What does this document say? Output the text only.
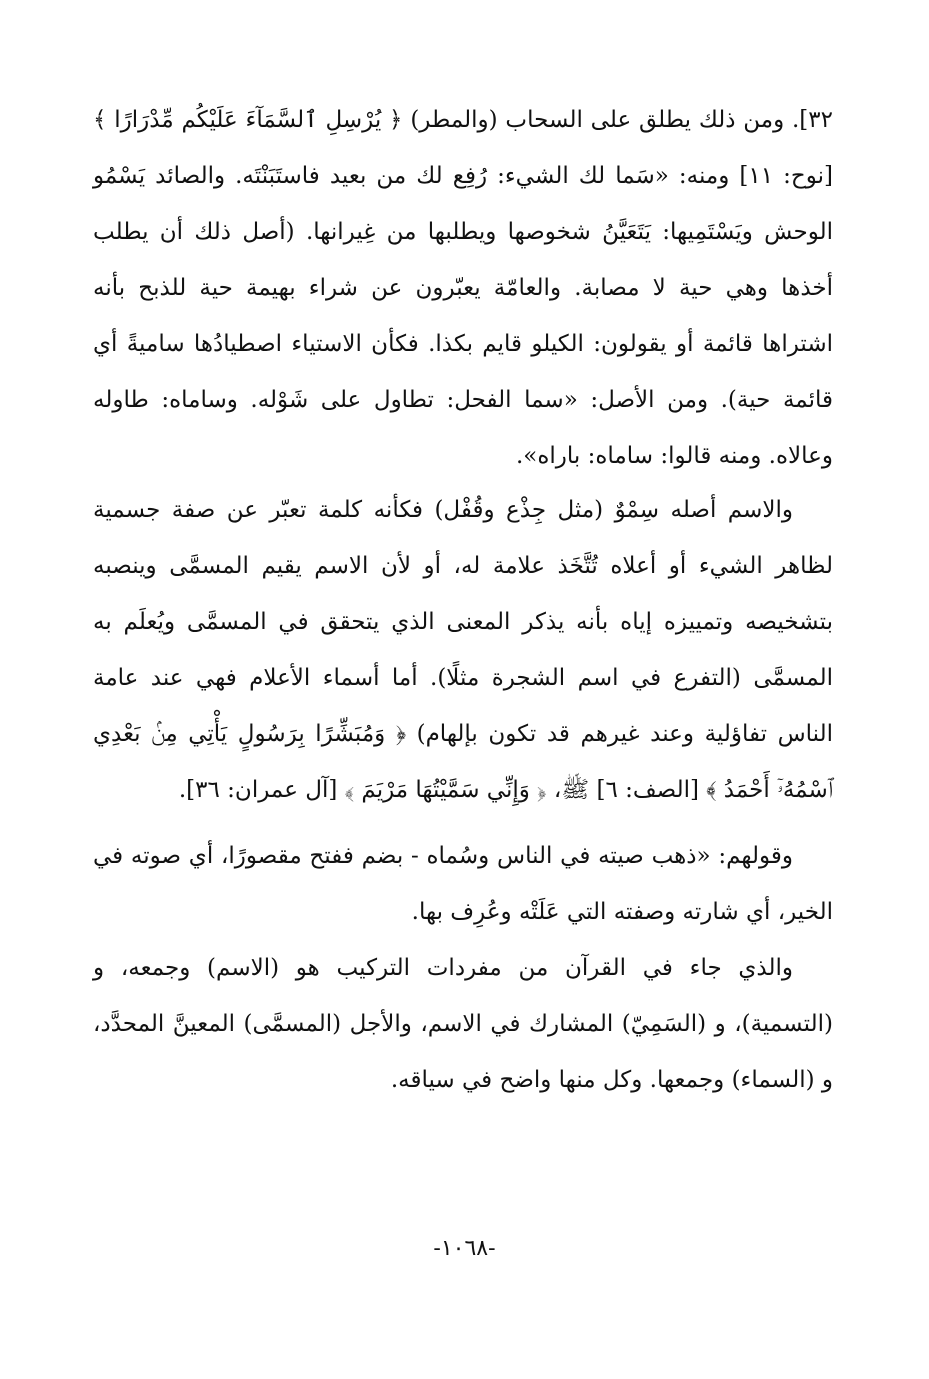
٣٢]. ومن ذلك يطلق على السحاب (والمطر) ﴿ يُرْسِلِ ٱلسَّمَآءَ عَلَيْكُم مِّدْرَارًا ﴾ [نوح: ١١] ومنه: «سَما لك الشيء: رُفِع لك من بعيد فاستَبَنْتَه. والصائد يَسْمُو الوحش ويَسْتَمِيها: يَتَعَيَّنُ شخوصها ويطلبها من غِيرانها. (أصل ذلك أن يطلب أخذها وهي حية لا مصابة. والعامّة يعبّرون عن شراء بهيمة حية للذبح بأنه اشتراها قائمة أو يقولون: الكيلو قايم بكذا. فكأن الاستياء اصطيادُها ساميةً أي قائمة حية). ومن الأصل: «سما الفحل: تطاول على شَوْله. وساماه: طاوله وعالاه. ومنه قالوا: ساماه: باراه».

والاسم أصله سِمْوٌ (مثل جِذْع وقُفْل) فكأنه كلمة تعبّر عن صفة جسمية لظاهر الشيء أو أعلاه تُتَّخَذ علامة له، أو لأن الاسم يقيم المسمَّى وينصبه بتشخيصه وتمييزه إياه بأنه يذكر المعنى الذي يتحقق في المسمَّى ويُعلَم به المسمَّى (التفرع في اسم الشجرة مثلًا). أما أسماء الأعلام فهي عند عامة الناس تفاؤلية وعند غيرهم قد تكون بإلهام) ﴿ وَمُبَشِّرًا بِرَسُولٍ يَأْتِي مِنۢ بَعْدِي ٱسْمُهُۥٓ أَحْمَدُ ﴾ [الصف: ٦] ﷺ، ﴿ وَإِنِّي سَمَّيْتُهَا مَرْيَمَ ﴾ [آل عمران: ٣٦].

وقولهم: «ذهب صيته في الناس وسُماه - بضم ففتح مقصورًا، أي صوته في الخير، أي شارته وصفته التي عَلَتْه وعُرِف بها.

والذي جاء في القرآن من مفردات التركيب هو (الاسم) وجمعه، و (التسمية)، و (السَمِيّ) المشارك في الاسم، والأجل (المسمَّى) المعينَّ المحدَّد، و (السماء) وجمعها. وكل منها واضح في سياقه.

-١٠٦٨-
